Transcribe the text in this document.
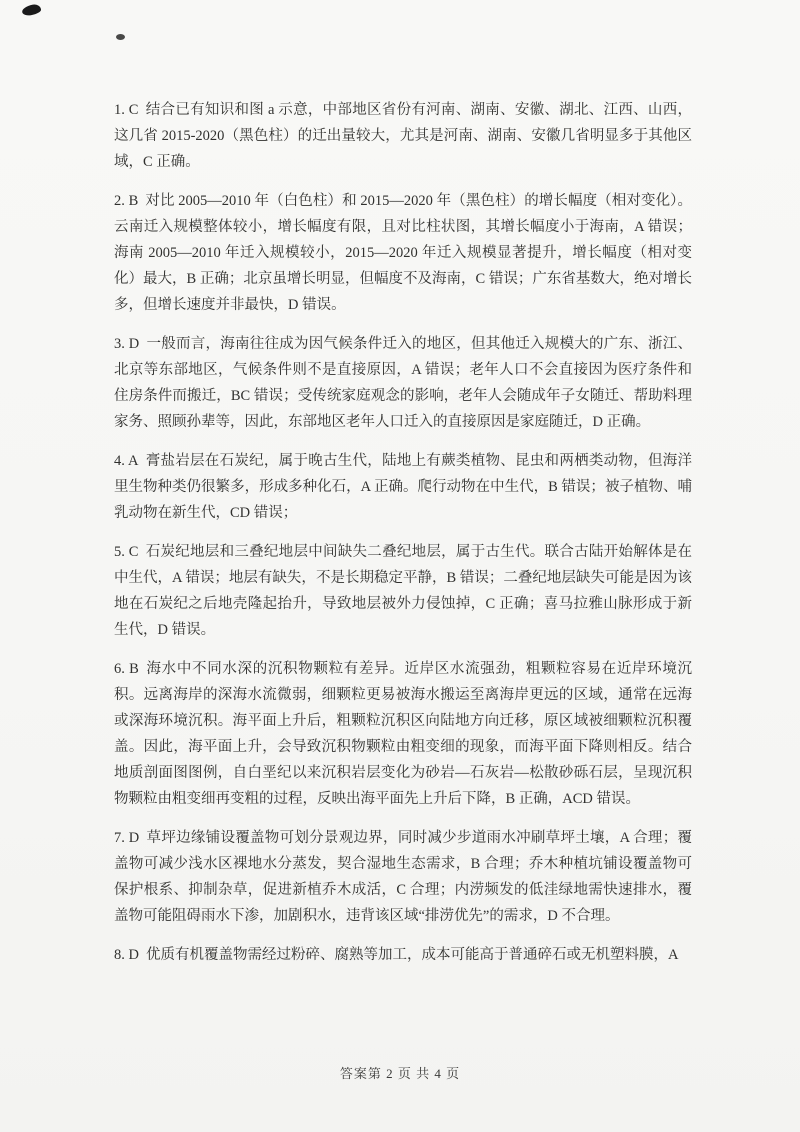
1. C 结合已有知识和图 a 示意，中部地区省份有河南、湖南、安徽、湖北、江西、山西，这几省 2015-2020（黑色柱）的迁出量较大，尤其是河南、湖南、安徽几省明显多于其他区域，C 正确。

2. B 对比 2005—2010 年（白色柱）和 2015—2020 年（黑色柱）的增长幅度（相对变化）。云南迁入规模整体较小，增长幅度有限，且对比柱状图，其增长幅度小于海南，A 错误；海南 2005—2010 年迁入规模较小，2015—2020 年迁入规模显著提升，增长幅度（相对变化）最大，B 正确；北京虽增长明显，但幅度不及海南，C 错误；广东省基数大，绝对增长多，但增长速度并非最快，D 错误。

3. D 一般而言，海南往往成为因气候条件迁入的地区，但其他迁入规模大的广东、浙江、北京等东部地区，气候条件则不是直接原因，A 错误；老年人口不会直接因为医疗条件和住房条件而搬迁，BC 错误；受传统家庭观念的影响，老年人会随成年子女随迁、帮助料理家务、照顾孙辈等，因此，东部地区老年人口迁入的直接原因是家庭随迁，D 正确。

4. A 膏盐岩层在石炭纪，属于晚古生代，陆地上有蕨类植物、昆虫和两栖类动物，但海洋里生物种类仍很繁多，形成多种化石，A 正确。爬行动物在中生代，B 错误；被子植物、哺乳动物在新生代，CD 错误；

5. C 石炭纪地层和三叠纪地层中间缺失二叠纪地层，属于古生代。联合古陆开始解体是在中生代，A 错误；地层有缺失，不是长期稳定平静，B 错误；二叠纪地层缺失可能是因为该地在石炭纪之后地壳隆起抬升，导致地层被外力侵蚀掉，C 正确；喜马拉雅山脉形成于新生代，D 错误。

6. B 海水中不同水深的沉积物颗粒有差异。近岸区水流强劲，粗颗粒容易在近岸环境沉积。远离海岸的深海水流微弱，细颗粒更易被海水搬运至离海岸更远的区域，通常在远海或深海环境沉积。海平面上升后，粗颗粒沉积区向陆地方向迁移，原区域被细颗粒沉积覆盖。因此，海平面上升，会导致沉积物颗粒由粗变细的现象，而海平面下降则相反。结合地质剖面图图例，自白垩纪以来沉积岩层变化为砂岩—石灰岩—松散砂砾石层，呈现沉积物颗粒由粗变细再变粗的过程，反映出海平面先上升后下降，B 正确，ACD 错误。

7. D 草坪边缘铺设覆盖物可划分景观边界，同时减少步道雨水冲刷草坪土壤，A 合理；覆盖物可减少浅水区裸地水分蒸发，契合湿地生态需求，B 合理；乔木种植坑铺设覆盖物可保护根系、抑制杂草，促进新植乔木成活，C 合理；内涝频发的低洼绿地需快速排水，覆盖物可能阻碍雨水下渗，加剧积水，违背该区域“排涝优先”的需求，D 不合理。

8. D 优质有机覆盖物需经过粉碎、腐熟等加工，成本可能高于普通碎石或无机塑料膜，A

答案第 2 页 共 4 页
